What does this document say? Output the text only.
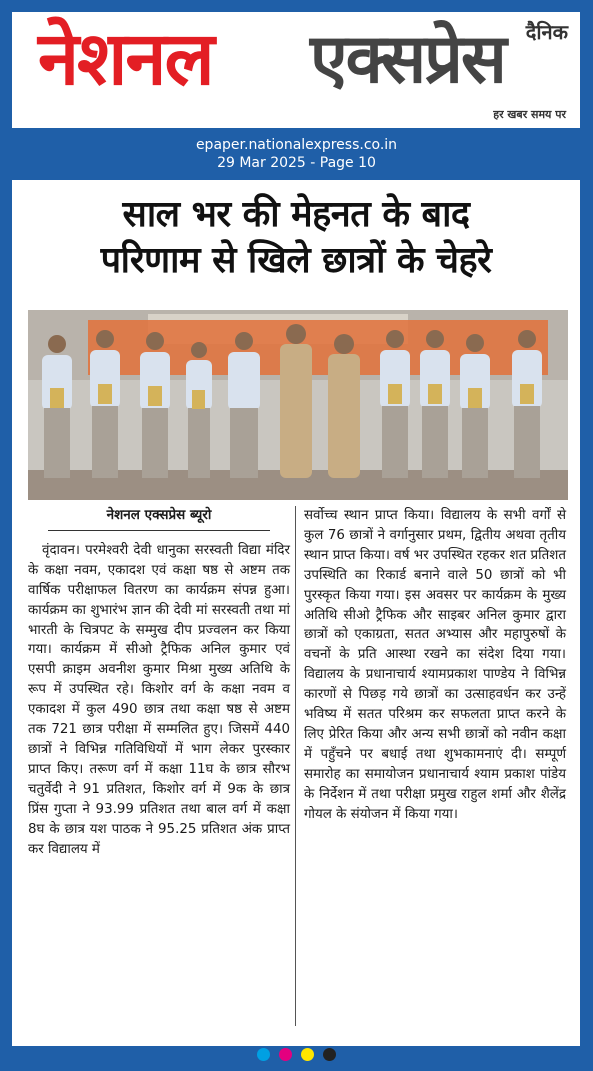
नेशनल एक्सप्रेस दैनिक
हर खबर समय पर
epaper.nationalexpress.co.in
29 Mar 2025 - Page 10
साल भर की मेहनत के बाद
परिणाम से खिले छात्रों के चेहरे
नेशनल एक्सप्रेस ब्यूरो

वृंदावन। परमेश्वरी देवी धानुका सरस्वती विद्या मंदिर के कक्षा नवम, एकादश एवं कक्षा षष्ठ से अष्टम तक वार्षिक परीक्षाफल वितरण का कार्यक्रम संपन्न हुआ। कार्यक्रम का शुभारंभ ज्ञान की देवी मां सरस्वती तथा मां भारती के चित्रपट के सम्मुख दीप प्रज्वलन कर किया गया। कार्यक्रम में सीओ ट्रैफिक अनिल कुमार एवं एसपी क्राइम अवनीश कुमार मिश्रा मुख्य अतिथि के रूप में उपस्थित रहे। किशोर वर्ग के कक्षा नवम व एकादश में कुल 490 छात्र तथा कक्षा षष्ठ से अष्टम तक 721 छात्र परीक्षा में सम्मलित हुए। जिसमें 440 छात्रों ने विभिन्न गतिविधियों में भाग लेकर पुरस्कार प्राप्त किए। तरूण वर्ग में कक्षा 11घ के छात्र सौरभ चतुर्वेदी ने 91 प्रतिशत, किशोर वर्ग में 9क के छात्र प्रिंस गुप्ता ने 93.99 प्रतिशत तथा बाल वर्ग में कक्षा 8घ के छात्र यश पाठक ने 95.25 प्रतिशत अंक प्राप्त कर विद्यालय में

सर्वोच्च स्थान प्राप्त किया। विद्यालय के सभी वर्गों से कुल 76 छात्रों ने वर्गानुसार प्रथम, द्वितीय अथवा तृतीय स्थान प्राप्त किया। वर्ष भर उपस्थित रहकर शत प्रतिशत उपस्थिति का रिकार्ड बनाने वाले 50 छात्रों को भी पुरस्कृत किया गया। इस अवसर पर कार्यक्रम के मुख्य अतिथि सीओ ट्रैफिक और साइबर अनिल कुमार द्वारा छात्रों को एकाग्रता, सतत अभ्यास और महापुरुषों के वचनों के प्रति आस्था रखने का संदेश दिया गया। विद्यालय के प्रधानाचार्य श्यामप्रकाश पाण्डेय ने विभिन्न कारणों से पिछड़ गये छात्रों का उत्साहवर्धन कर उन्हें भविष्य में सतत परिश्रम कर सफलता प्राप्त करने के लिए प्रेरित किया और अन्य सभी छात्रों को नवीन कक्षा में पहुँचने पर बधाई तथा शुभकामनाएं दी। सम्पूर्ण समारोह का समायोजन प्रधानाचार्य श्याम प्रकाश पांडेय के निर्देशन में तथा परीक्षा प्रमुख राहुल शर्मा और शैलेंद्र गोयल के संयोजन में किया गया।
